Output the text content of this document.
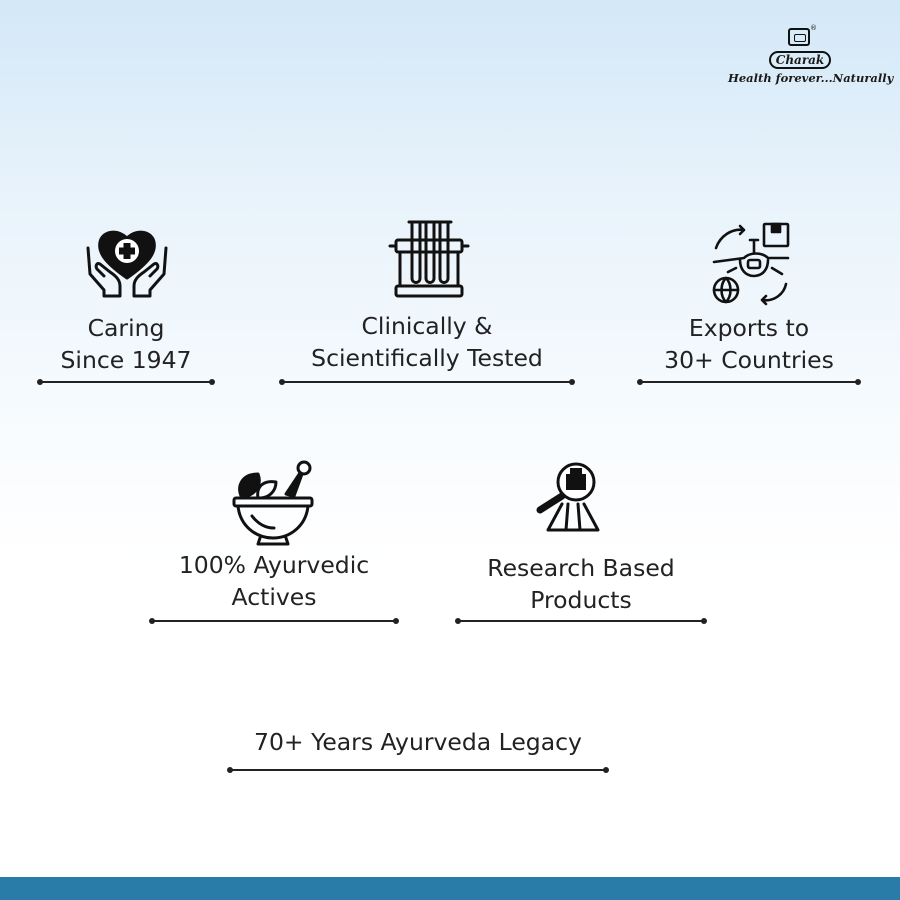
®
Charak
Health forever...Naturally
Caring
Since 1947
Clinically &
Scientifically Tested
Exports to
30+ Countries
100% Ayurvedic
Actives
Research Based
Products
70+ Years Ayurveda Legacy
